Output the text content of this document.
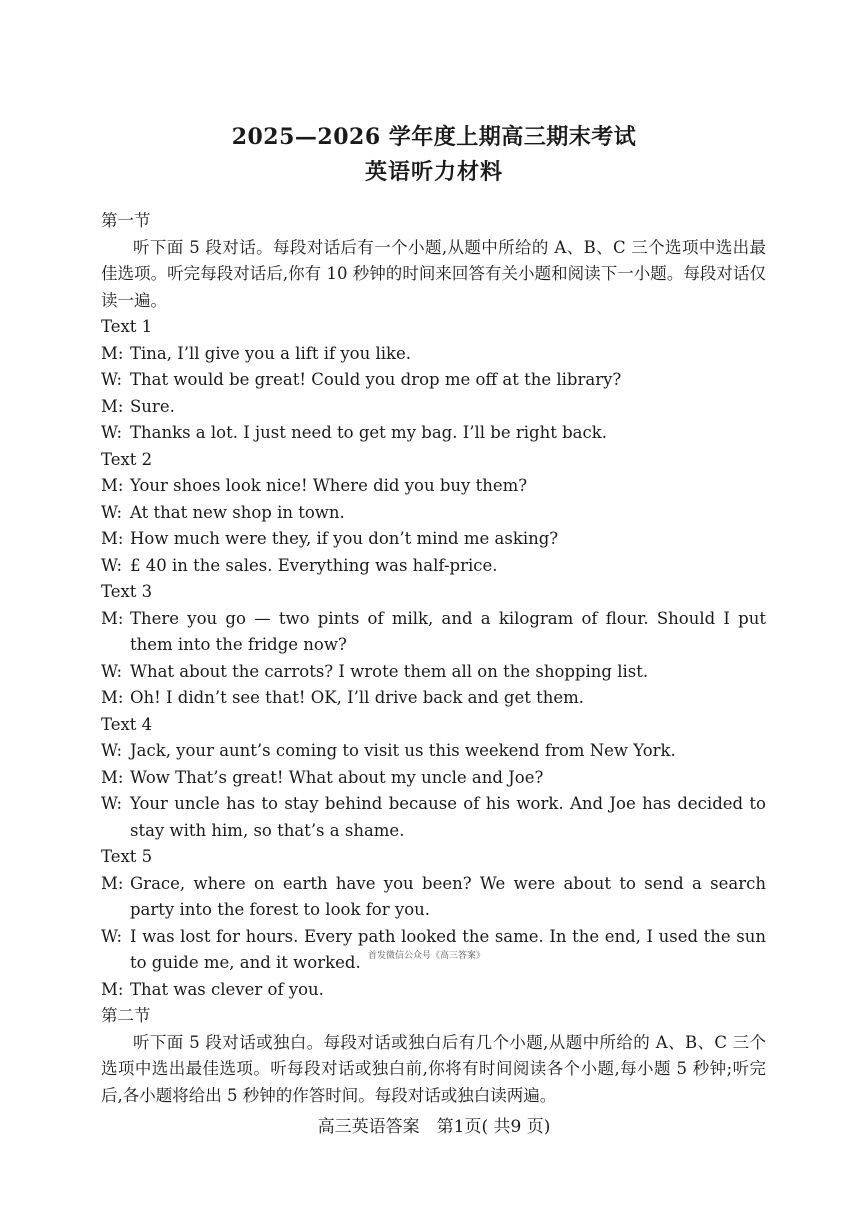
2025—2026 学年度上期高三期末考试
英语听力材料
第一节
听下面 5 段对话。每段对话后有一个小题,从题中所给的 A、B、C 三个选项中选出最佳选项。听完每段对话后,你有 10 秒钟的时间来回答有关小题和阅读下一小题。每段对话仅读一遍。
Text 1
M: Tina, I’ll give you a lift if you like.
W: That would be great! Could you drop me off at the library?
M: Sure.
W: Thanks a lot. I just need to get my bag. I’ll be right back.
Text 2
M: Your shoes look nice! Where did you buy them?
W: At that new shop in town.
M: How much were they, if you don’t mind me asking?
W: £ 40 in the sales. Everything was half-price.
Text 3
M: There you go — two pints of milk, and a kilogram of flour. Should I put them into the fridge now?
W: What about the carrots? I wrote them all on the shopping list.
M: Oh! I didn’t see that! OK, I’ll drive back and get them.
Text 4
W: Jack, your aunt’s coming to visit us this weekend from New York.
M: Wow That’s great! What about my uncle and Joe?
W: Your uncle has to stay behind because of his work. And Joe has decided to stay with him, so that’s a shame.
Text 5
M: Grace, where on earth have you been? We were about to send a search party into the forest to look for you.
W: I was lost for hours. Every path looked the same. In the end, I used the sun to guide me, and it worked.
M: That was clever of you.
第二节
听下面 5 段对话或独白。每段对话或独白后有几个小题,从题中所给的 A、B、C 三个选项中选出最佳选项。听每段对话或独白前,你将有时间阅读各个小题,每小题 5 秒钟;听完后,各小题将给出 5 秒钟的作答时间。每段对话或独白读两遍。
首发微信公众号《高三答案》
高三英语答案　第1页( 共9 页)
